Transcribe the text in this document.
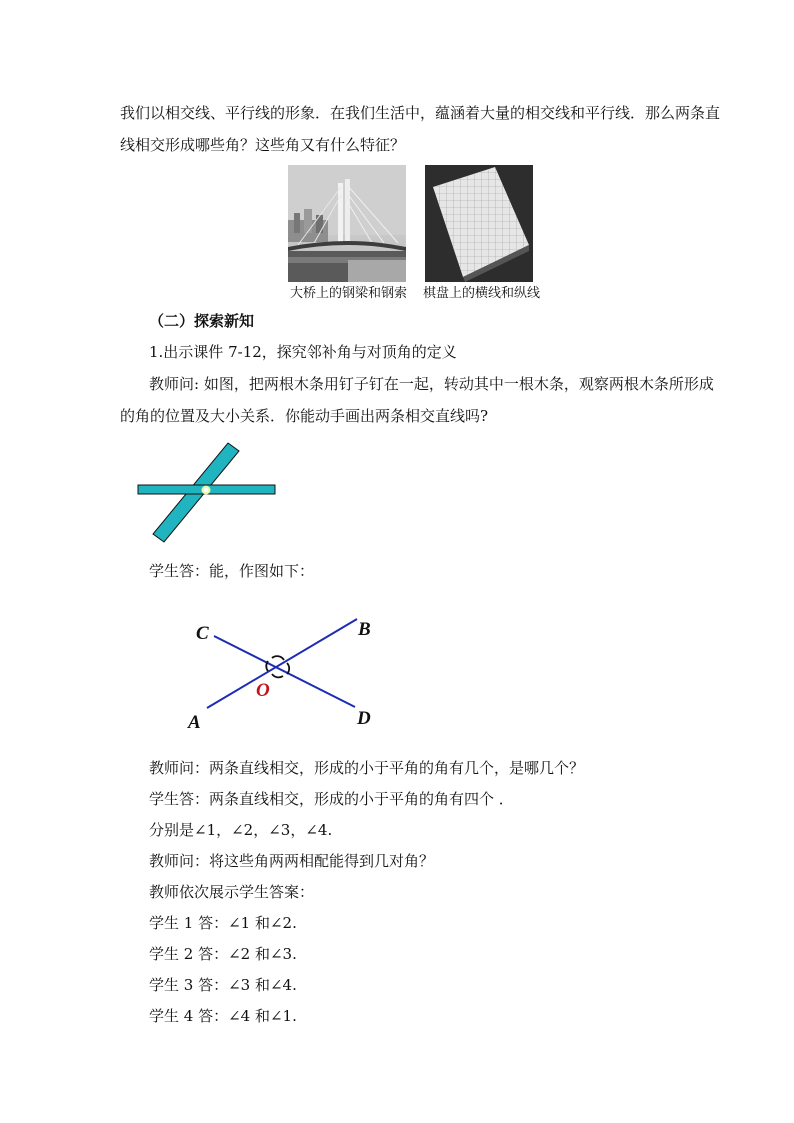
我们以相交线、平行线的形象．在我们生活中，蕴涵着大量的相交线和平行线．那么两条直
线相交形成哪些角？这些角又有什么特征？
大桥上的钢梁和钢索 棋盘上的横线和纵线
（二）探索新知
1.出示课件 7-12，探究邻补角与对顶角的定义
教师问: 如图，把两根木条用钉子钉在一起，转动其中一根木条，观察两根木条所形成
的角的位置及大小关系．你能动手画出两条相交直线吗?
学生答：能，作图如下：
C	B
O
A	D
教师问：两条直线相交，形成的小于平角的角有几个，是哪几个？
学生答：两条直线相交，形成的小于平角的角有四个 ．
分别是∠1，∠2，∠3，∠4.
教师问：将这些角两两相配能得到几对角？
教师依次展示学生答案：
学生 1 答：∠1 和∠2.
学生 2 答：∠2 和∠3.
学生 3 答：∠3 和∠4.
学生 4 答：∠4 和∠1.
